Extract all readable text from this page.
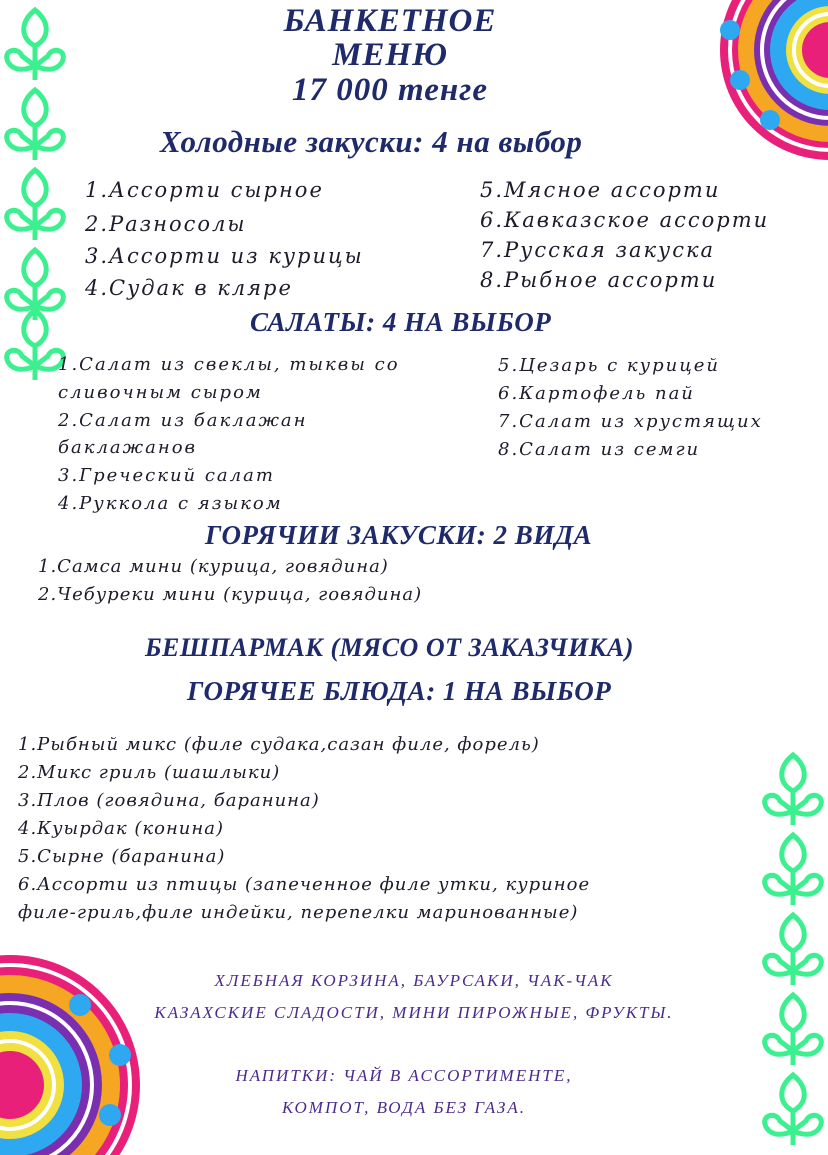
БАНКЕТНОЕ
МЕНЮ
17 000 тенге
Холодные закуски: 4 на выбор
1.Ассорти сырное
2.Разносолы
3.Ассорти из курицы
4.Судак в кляре
5.Мясное ассорти
6.Кавказское ассорти
7.Русская закуска
8.Рыбное ассорти
САЛАТЫ: 4 НА ВЫБОР
1.Салат из свеклы, тыквы со
сливочным сыром
2.Салат из баклажан
баклажанов
3.Греческий салат
4.Руккола с языком
5.Цезарь с курицей
6.Картофель пай
7.Салат из хрустящих
8.Салат из семги
ГОРЯЧИИ ЗАКУСКИ: 2 ВИДА
1.Самса мини (курица, говядина)
2.Чебуреки мини (курица, говядина)
БЕШПАРМАК (МЯСО ОТ ЗАКАЗЧИКА)
ГОРЯЧЕЕ БЛЮДА: 1 НА ВЫБОР
1.Рыбный микс (филе судака,сазан филе, форель)
2.Микс гриль (шашлыки)
3.Плов (говядина, баранина)
4.Куырдак (конина)
5.Сырне (баранина)
6.Ассорти из птицы (запеченное филе утки, куриное
филе-гриль,филе индейки, перепелки маринованные)
ХЛЕБНАЯ КОРЗИНА, БАУРСАКИ, ЧАК-ЧАК
КАЗАХСКИЕ СЛАДОСТИ, МИНИ ПИРОЖНЫЕ, ФРУКТЫ.
НАПИТКИ: ЧАЙ В АССОРТИМЕНТЕ,
КОМПОТ, ВОДА БЕЗ ГАЗА.
